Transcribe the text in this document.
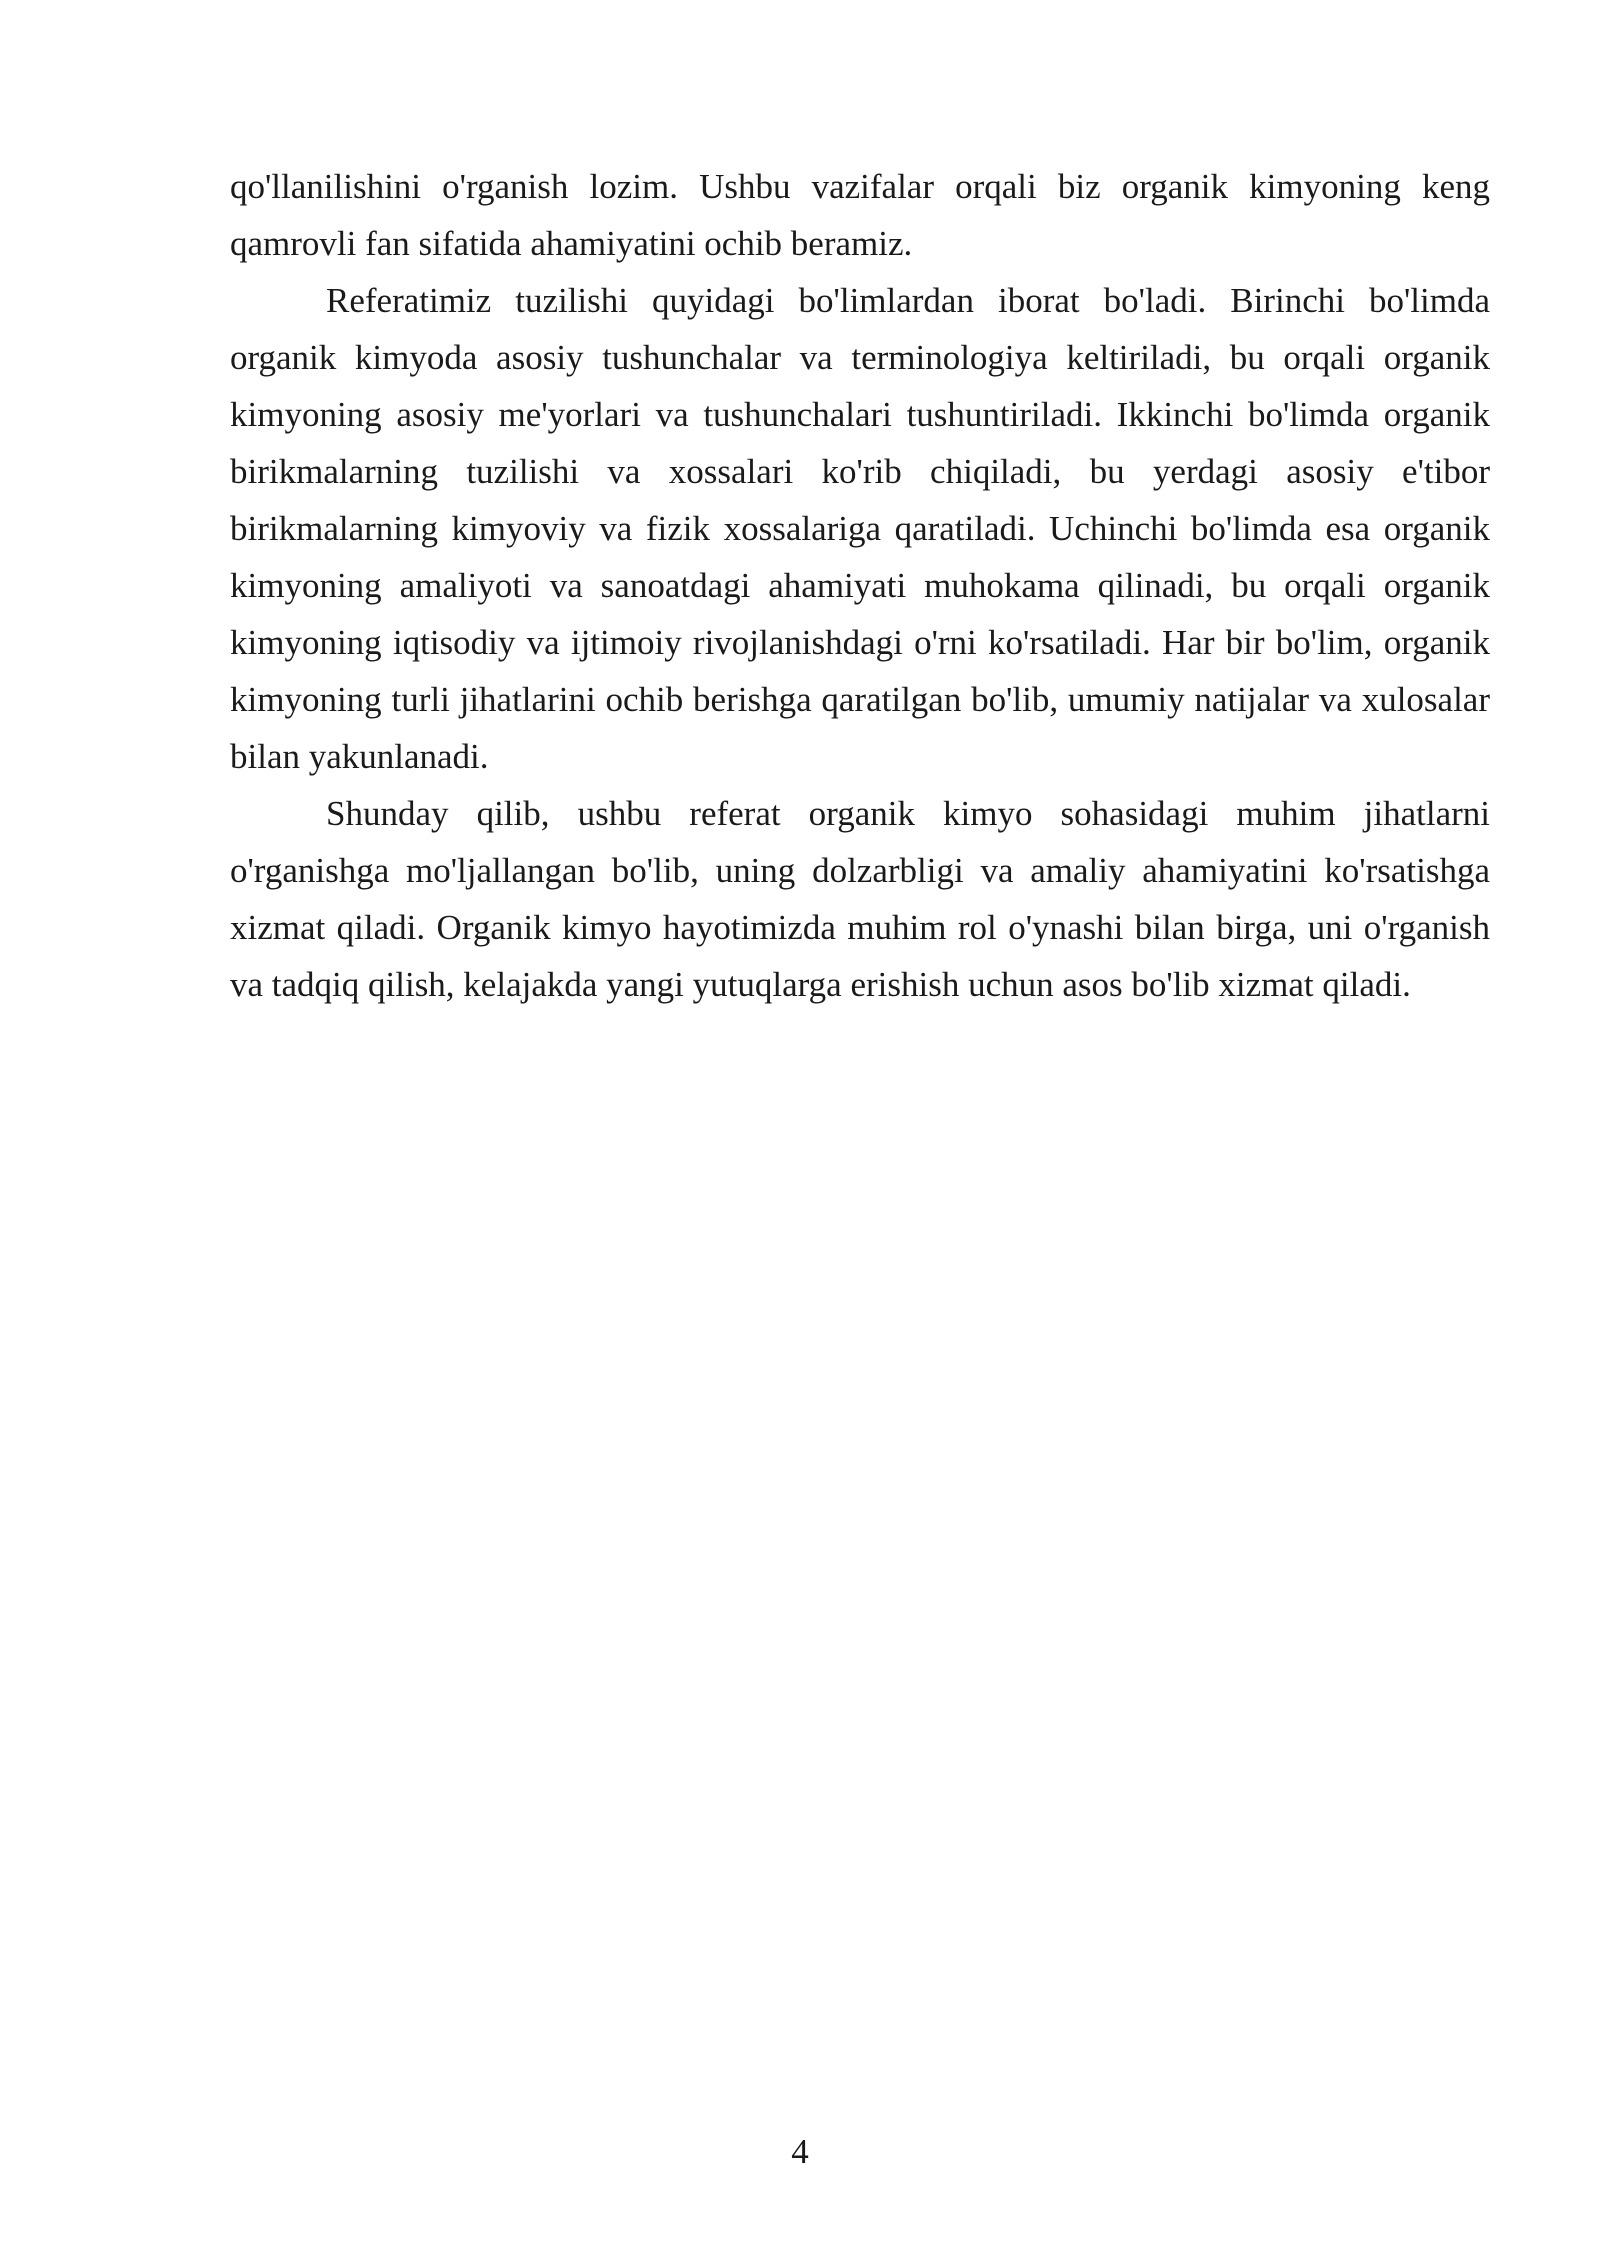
qo'llanilishini o'rganish lozim. Ushbu vazifalar orqali biz organik kimyoning keng qamrovli fan sifatida ahamiyatini ochib beramiz.

Referatimiz tuzilishi quyidagi bo'limlardan iborat bo'ladi. Birinchi bo'limda organik kimyoda asosiy tushunchalar va terminologiya keltiriladi, bu orqali organik kimyoning asosiy me'yorlari va tushunchalari tushuntiriladi. Ikkinchi bo'limda organik birikmalarning tuzilishi va xossalari ko'rib chiqiladi, bu yerdagi asosiy e'tibor birikmalarning kimyoviy va fizik xossalariga qaratiladi. Uchinchi bo'limda esa organik kimyoning amaliyoti va sanoatdagi ahamiyati muhokama qilinadi, bu orqali organik kimyoning iqtisodiy va ijtimoiy rivojlanishdagi o'rni ko'rsatiladi. Har bir bo'lim, organik kimyoning turli jihatlarini ochib berishga qaratilgan bo'lib, umumiy natijalar va xulosalar bilan yakunlanadi.

Shunday qilib, ushbu referat organik kimyo sohasidagi muhim jihatlarni o'rganishga mo'ljallangan bo'lib, uning dolzarbligi va amaliy ahamiyatini ko'rsatishga xizmat qiladi. Organik kimyo hayotimizda muhim rol o'ynashi bilan birga, uni o'rganish va tadqiq qilish, kelajakda yangi yutuqlarga erishish uchun asos bo'lib xizmat qiladi.

4
